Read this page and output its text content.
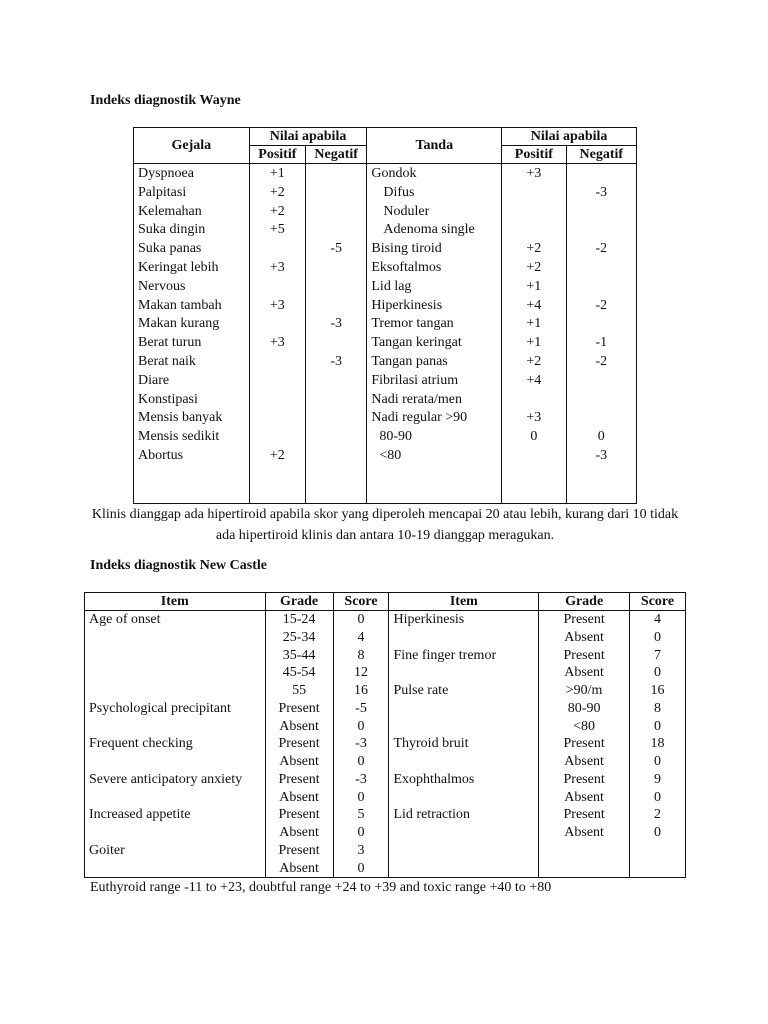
Indeks diagnostik Wayne
Gejala	Nilai apabila		Tanda	Nilai apabila	
	Positif	Negatif		Positif	Negatif
Dyspnoea	+1		Gondok	+3	
Palpitasi	+2		Difus		-3
Kelemahan	+2		Noduler		
Suka dingin	+5		Adenoma single		
Suka panas		-5	Bising tiroid	+2	-2
Keringat lebih	+3		Eksoftalmos	+2	
Nervous			Lid lag	+1	
Makan tambah	+3		Hiperkinesis	+4	-2
Makan kurang		-3	Tremor tangan	+1	
Berat turun	+3		Tangan keringat	+1	-1
Berat naik		-3	Tangan panas	+2	-2
Diare			Fibrilasi atrium	+4	
Konstipasi			Nadi rerata/men		
Mensis banyak			Nadi regular >90	+3	
Mensis sedikit			80-90	0	0
Abortus	+2		<80		-3

Klinis dianggap ada hipertiroid apabila skor yang diperoleh mencapai 20 atau lebih, kurang dari 10 tidak ada hipertiroid klinis dan antara 10-19 dianggap meragukan.
Indeks diagnostik New Castle
Item	Grade	Score	Item	Grade	Score
Age of onset	15-24	0	Hiperkinesis	Present	4
	25-34	4		Absent	0
	35-44	8	Fine finger tremor	Present	7
	45-54	12		Absent	0
	55	16	Pulse rate	>90/m	16
Psychological precipitant	Present	-5		80-90	8
	Absent	0		<80	0
Frequent checking	Present	-3	Thyroid bruit	Present	18
	Absent	0		Absent	0
Severe anticipatory anxiety	Present	-3	Exophthalmos	Present	9
	Absent	0		Absent	0
Increased appetite	Present	5	Lid retraction	Present	2
	Absent	0		Absent	0
Goiter	Present	3			
	Absent	0			
Euthyroid range -11 to +23, doubtful range +24 to +39 and toxic range +40 to +80
